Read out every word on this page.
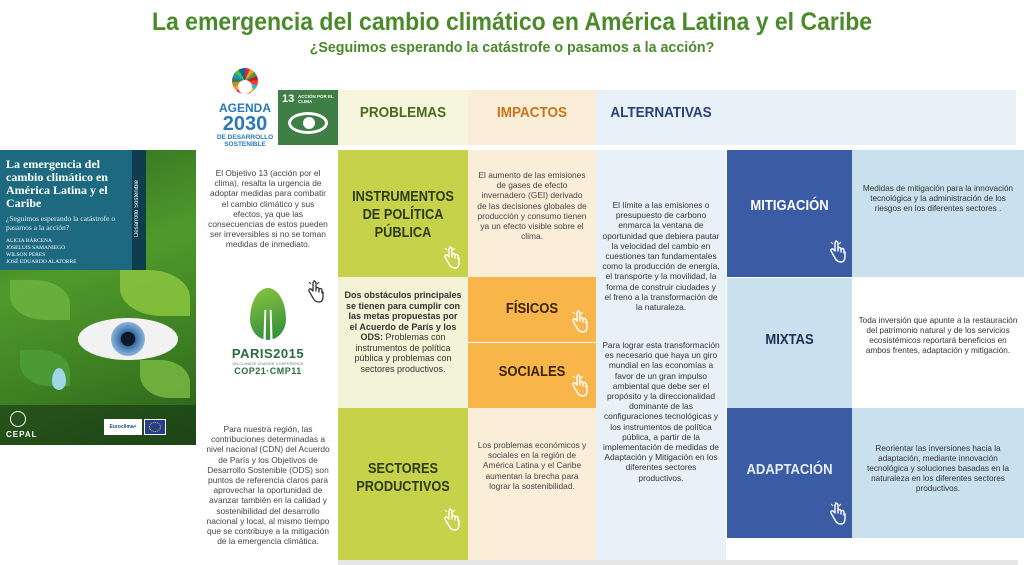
La emergencia del cambio climático en América Latina y el Caribe
¿Seguimos esperando la catástrofe o pasamos a la acción?
La emergencia del cambio climático en América Latina y el Caribe
¿Seguimos esperando la catástrofe o pasamos a la acción?
ALICIA BÁRCENA
JOSELUIS SAMANIEGO
WILSON PERES
JOSÉ EDUARDO ALATORRE
Desarrollo Sostenible
CEPAL
Euroclima+
AGENDA
2030
DE DESARROLLO SOSTENIBLE
13 ACCIÓN POR EL CLIMA
PROBLEMAS	IMPACTOS	ALTERNATIVAS
El Objetivo 13 (acción por el clima), resalta la urgencia de adoptar medidas para combatir el cambio climático y sus efectos, ya que las consecuencias de estos pueden ser irreversibles si no se toman medidas de inmediato.
PARIS2015
UN CLIMATE CHANGE CONFERENCE
COP21·CMP11
Para nuestra región, las contribuciones determinadas a nivel nacional (CDN) del Acuerdo de París y los Objetivos de Desarrollo Sostenible (ODS) son puntos de referencia claros para aprovechar la oportunidad de avanzar también en la calidad y sostenibilidad del desarrollo nacional y local, al mismo tiempo que se contribuye a la mitigación de la emergencia climática.
INSTRUMENTOS DE POLÍTICA PÚBLICA
Dos obstáculos principales se tienen para cumplir con las metas propuestas por el Acuerdo de París y los ODS: Problemas con instrumentos de política pública y problemas con sectores productivos.
SECTORES PRODUCTIVOS
El aumento de las emisiones de gases de efecto invernadero (GEI) derivado de las decisiones globales de producción y consumo tienen ya un efecto visible sobre el clima.
FÍSICOS
SOCIALES
Los problemas económicos y sociales en la región de América Latina y el Caribe aumentan la brecha para lograr la sostenibilidad.
El límite a las emisiones o presupuesto de carbono enmarca la ventana de oportunidad que debiera pautar la velocidad del cambio en cuestiones tan fundamentales como la producción de energía, el transporte y la movilidad, la forma de construir ciudades y el freno a la transformación de la naturaleza.
Para lograr esta transformación es necesario que haya un giro mundial en las economías a favor de un gran impulso ambiental que debe ser el propósito y la direccionalidad dominante de las configuraciones tecnológicas y los instrumentos de política pública, a partir de la implementación de medidas de Adaptación y Mitigación en los diferentes sectores productivos.
MITIGACIÓN
Medidas de mitigación para la innovación tecnológica y la administración de los riesgos en los diferentes sectores .
MIXTAS
Toda inversión que apunte a la restauración del patrimonio natural y de los servicios ecosistémicos reportará beneficios en ambos frentes, adaptación y mitigación.
ADAPTACIÓN
Reorientar las inversiones hacia la adaptación, mediante innovación tecnológica y soluciones basadas en la naturaleza en los diferentes sectores productivos.
